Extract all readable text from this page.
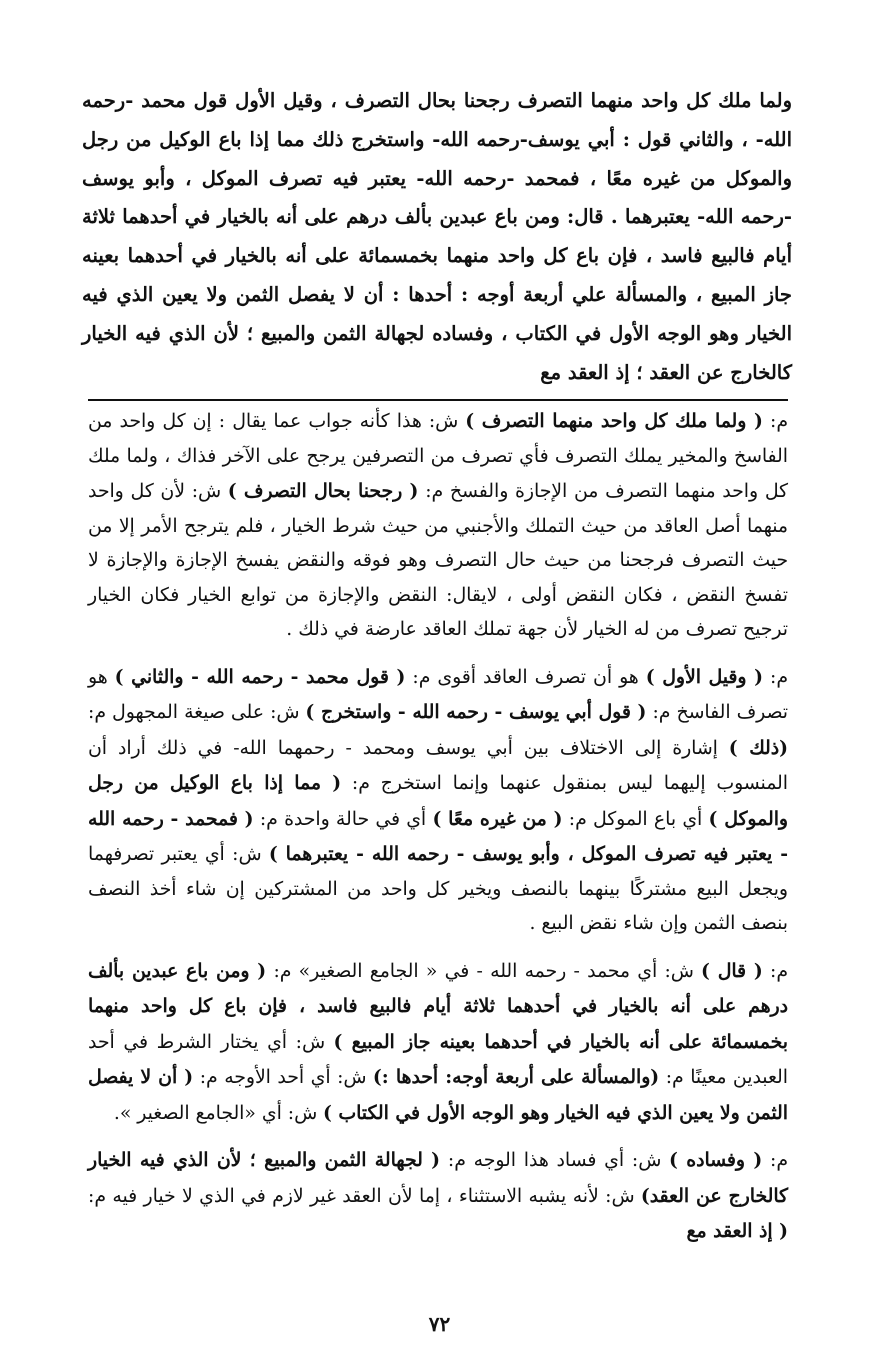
ولما ملك كل واحد منهما التصرف رجحنا بحال التصرف ، وقيل الأول قول محمد -رحمه الله- ، والثاني قول : أبي يوسف-رحمه الله- واستخرج ذلك مما إذا باع الوكيل من رجل والموكل من غيره معًا ، فمحمد -رحمه الله- يعتبر فيه تصرف الموكل ، وأبو يوسف -رحمه الله- يعتبرهما . قال: ومن باع عبدين بألف درهم على أنه بالخيار في أحدهما ثلاثة أيام فالبيع فاسد ، فإن باع كل واحد منهما بخمسمائة على أنه بالخيار في أحدهما بعينه جاز المبيع ، والمسألة علي أربعة أوجه : أحدها : أن لا يفصل الثمن ولا يعين الذي فيه الخيار وهو الوجه الأول في الكتاب ، وفساده لجهالة الثمن والمبيع ؛ لأن الذي فيه الخيار كالخارج عن العقد ؛ إذ العقد مع

م: ( ولما ملك كل واحد منهما التصرف ) ش: هذا كأنه جواب عما يقال : إن كل واحد من الفاسخ والمخير يملك التصرف فأي تصرف من التصرفين يرجح على الآخر فذاك ، ولما ملك كل واحد منهما التصرف من الإجازة والفسخ م: ( رجحنا بحال التصرف ) ش: لأن كل واحد منهما أصل العاقد من حيث التملك والأجنبي من حيث شرط الخيار ، فلم يترجح الأمر إلا من حيث التصرف فرجحنا من حيث حال التصرف وهو فوقه والنقض يفسخ الإجازة والإجازة لا تفسخ النقض ، فكان النقض أولى ، لايقال: النقض والإجازة من توابع الخيار فكان الخيار ترجيح تصرف من له الخيار لأن جهة تملك العاقد عارضة في ذلك .

م: ( وقيل الأول ) هو أن تصرف العاقد أقوى م: ( قول محمد - رحمه الله - والثاني ) هو تصرف الفاسخ م: ( قول أبي يوسف - رحمه الله - واستخرج ) ش: على صيغة المجهول م: (ذلك ) إشارة إلى الاختلاف بين أبي يوسف ومحمد - رحمهما الله- في ذلك أراد أن المنسوب إليهما ليس بمنقول عنهما وإنما استخرج م: ( مما إذا باع الوكيل من رجل والموكل ) أي باع الموكل م: ( من غيره معًا ) أي في حالة واحدة م: ( فمحمد - رحمه الله - يعتبر فيه تصرف الموكل ، وأبو يوسف - رحمه الله - يعتبرهما ) ش: أي يعتبر تصرفهما ويجعل البيع مشتركًا بينهما بالنصف ويخير كل واحد من المشتركين إن شاء أخذ النصف بنصف الثمن وإن شاء نقض البيع .

م: ( قال ) ش: أي محمد - رحمه الله - في « الجامع الصغير» م: ( ومن باع عبدين بألف درهم على أنه بالخيار في أحدهما ثلاثة أيام فالبيع فاسد ، فإن باع كل واحد منهما بخمسمائة على أنه بالخيار في أحدهما بعينه جاز المبيع ) ش: أي يختار الشرط في أحد العبدين معينًا م: (والمسألة على أربعة أوجه: أحدها :) ش: أي أحد الأوجه م: ( أن لا يفصل الثمن ولا يعين الذي فيه الخيار وهو الوجه الأول في الكتاب ) ش: أي «الجامع الصغير ».

م: ( وفساده ) ش: أي فساد هذا الوجه م: ( لجهالة الثمن والمبيع ؛ لأن الذي فيه الخيار كالخارج عن العقد) ش: لأنه يشبه الاستثناء ، إما لأن العقد غير لازم في الذي لا خيار فيه م: ( إذ العقد مع

٧٢
